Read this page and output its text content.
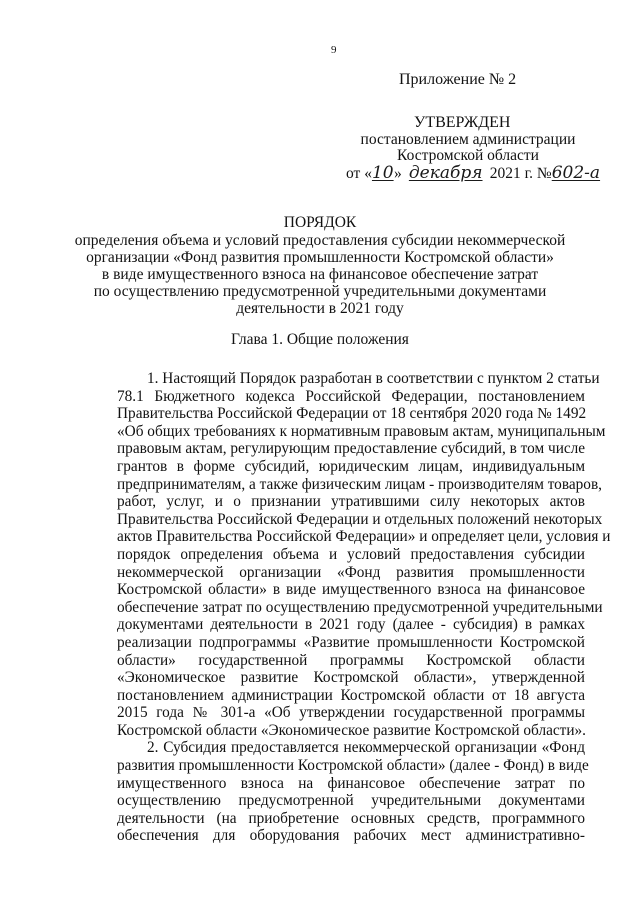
9
Приложение № 2
УТВЕРЖДЕН
постановлением администрации
Костромской области
от «10» декабря 2021 г. №602-а
ПОРЯДОК
определения объема и условий предоставления субсидии некоммерческой
организации «Фонд развития промышленности Костромской области»
в виде имущественного взноса на финансовое обеспечение затрат
по осуществлению предусмотренной учредительными документами
деятельности в 2021 году
Глава 1. Общие положения
1. Настоящий Порядок разработан в соответствии с пунктом 2 статьи
78.1 Бюджетного кодекса Российской Федерации, постановлением
Правительства Российской Федерации от 18 сентября 2020 года № 1492
«Об общих требованиях к нормативным правовым актам, муниципальным
правовым актам, регулирующим предоставление субсидий, в том числе
грантов в форме субсидий, юридическим лицам, индивидуальным
предпринимателям, а также физическим лицам - производителям товаров,
работ, услуг, и о признании утратившими силу некоторых актов
Правительства Российской Федерации и отдельных положений некоторых
актов Правительства Российской Федерации» и определяет цели, условия и
порядок определения объема и условий предоставления субсидии
некоммерческой организации «Фонд развития промышленности
Костромской области» в виде имущественного взноса на финансовое
обеспечение затрат по осуществлению предусмотренной учредительными
документами деятельности в 2021 году (далее - субсидия) в рамках
реализации подпрограммы «Развитие промышленности Костромской
области» государственной программы Костромской области
«Экономическое развитие Костромской области», утвержденной
постановлением администрации Костромской области от 18 августа
2015 года № 301-а «Об утверждении государственной программы
Костромской области «Экономическое развитие Костромской области».
2. Субсидия предоставляется некоммерческой организации «Фонд
развития промышленности Костромской области» (далее - Фонд) в виде
имущественного взноса на финансовое обеспечение затрат по
осуществлению предусмотренной учредительными документами
деятельности (на приобретение основных средств, программного
обеспечения для оборудования рабочих мест административно-
